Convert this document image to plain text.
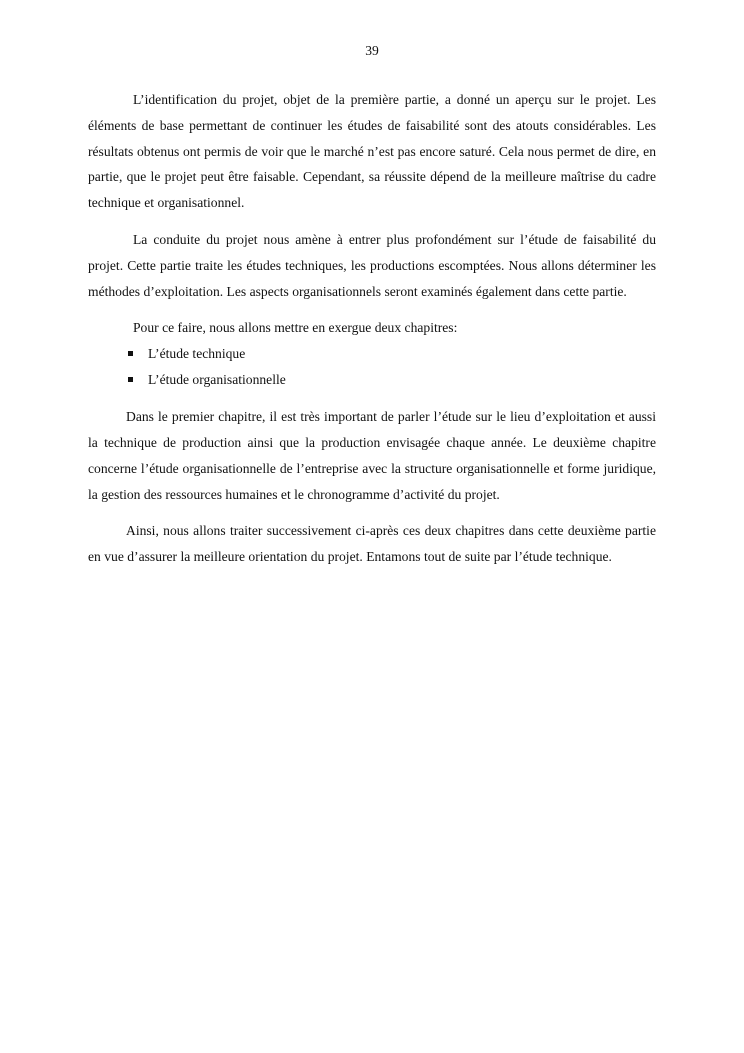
39

L’identification du projet, objet de la première partie, a donné un aperçu sur le projet. Les éléments de base permettant de continuer les études de faisabilité sont des atouts considérables. Les résultats obtenus ont permis de voir que le marché n’est pas encore saturé. Cela nous permet de dire, en partie, que le projet peut être faisable. Cependant, sa réussite dépend de la meilleure maîtrise du cadre technique et organisationnel.

La conduite du projet nous amène à entrer plus profondément sur l’étude de faisabilité du projet. Cette partie traite les études techniques, les productions escomptées. Nous allons déterminer les méthodes d’exploitation. Les aspects organisationnels seront examinés également dans cette partie.

Pour ce faire, nous allons mettre en exergue deux chapitres:

L’étude technique
L’étude organisationnelle

Dans le premier chapitre, il est très important de parler l’étude sur le lieu d’exploitation et aussi la technique de production ainsi que la production envisagée chaque année. Le deuxième chapitre concerne l’étude organisationnelle de l’entreprise avec la structure organisationnelle et forme juridique, la gestion des ressources humaines et le chronogramme d’activité du projet.

Ainsi, nous allons traiter successivement ci-après ces deux chapitres dans cette deuxième partie en vue d’assurer la meilleure orientation du projet. Entamons tout de suite par l’étude technique.
